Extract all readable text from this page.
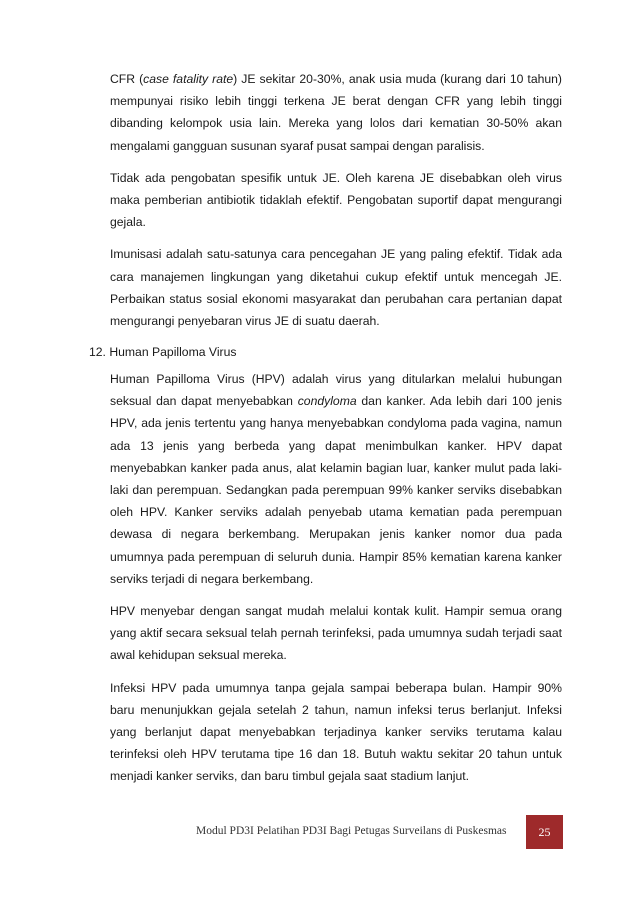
CFR (case fatality rate) JE sekitar 20-30%, anak usia muda (kurang dari 10 tahun) mempunyai risiko lebih tinggi terkena JE berat dengan CFR yang lebih tinggi dibanding kelompok usia lain. Mereka yang lolos dari kematian 30-50% akan mengalami gangguan susunan syaraf pusat sampai dengan paralisis.

Tidak ada pengobatan spesifik untuk JE. Oleh karena JE disebabkan oleh virus maka pemberian antibiotik tidaklah efektif. Pengobatan suportif dapat mengurangi gejala.

Imunisasi adalah satu-satunya cara pencegahan JE yang paling efektif. Tidak ada cara manajemen lingkungan yang diketahui cukup efektif untuk mencegah JE. Perbaikan status sosial ekonomi masyarakat dan perubahan cara pertanian dapat mengurangi penyebaran virus JE di suatu daerah.

12. Human Papilloma Virus

Human Papilloma Virus (HPV) adalah virus yang ditularkan melalui hubungan seksual dan dapat menyebabkan condyloma dan kanker. Ada lebih dari 100 jenis HPV, ada jenis tertentu yang hanya menyebabkan condyloma pada vagina, namun ada 13 jenis yang berbeda yang dapat menimbulkan kanker. HPV dapat menyebabkan kanker pada anus, alat kelamin bagian luar, kanker mulut pada laki-laki dan perempuan. Sedangkan pada perempuan 99% kanker serviks disebabkan oleh HPV. Kanker serviks adalah penyebab utama kematian pada perempuan dewasa di negara berkembang. Merupakan jenis kanker nomor dua pada umumnya pada perempuan di seluruh dunia. Hampir 85% kematian karena kanker serviks terjadi di negara berkembang.

HPV menyebar dengan sangat mudah melalui kontak kulit. Hampir semua orang yang aktif secara seksual telah pernah terinfeksi, pada umumnya sudah terjadi saat awal kehidupan seksual mereka.

Infeksi HPV pada umumnya tanpa gejala sampai beberapa bulan. Hampir 90% baru menunjukkan gejala setelah 2 tahun, namun infeksi terus berlanjut. Infeksi yang berlanjut dapat menyebabkan terjadinya kanker serviks terutama kalau terinfeksi oleh HPV terutama tipe 16 dan 18. Butuh waktu sekitar 20 tahun untuk menjadi kanker serviks, dan baru timbul gejala saat stadium lanjut.

Modul PD3I Pelatihan PD3I Bagi Petugas Surveilans di Puskesmas	25
